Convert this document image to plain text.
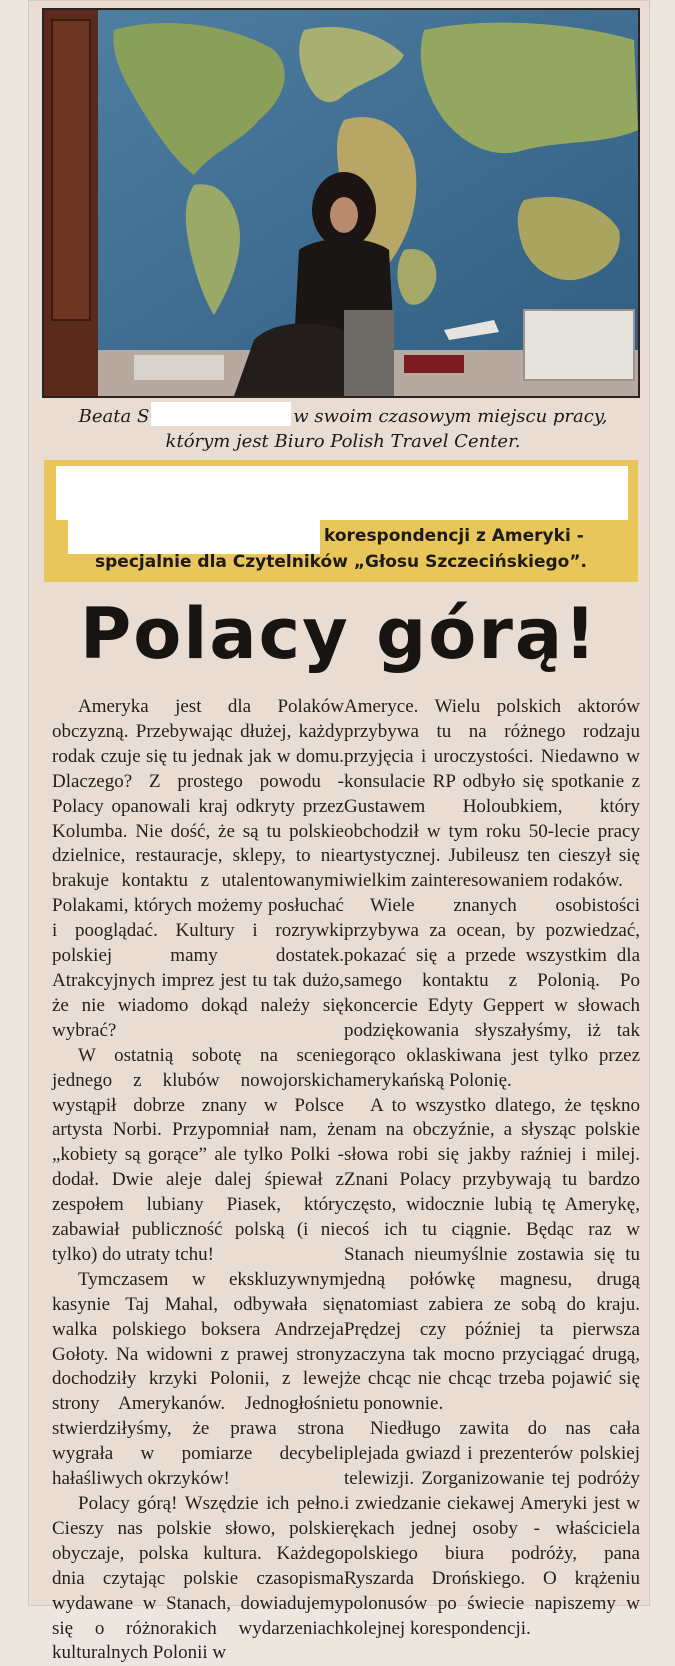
Beata S	w swoim czasowym miejscu pracy,
którym jest Biuro Polish Travel Center.
korespondencji z Ameryki -
specjalnie dla Czytelników „Głosu Szczecińskiego”.
Polacy górą!

Ameryka jest dla Polaków obczyzną. Przebywając dłużej, każdy rodak czuje się tu jednak jak w domu. Dlaczego? Z prostego powodu - Polacy opanowali kraj odkryty przez Kolumba. Nie dość, że są tu polskie dzielnice, restauracje, sklepy, to nie brakuje kontaktu z utalentowanymi Polakami, których możemy posłuchać i pooglądać. Kultury i rozrywki polskiej mamy dostatek. Atrakcyjnych imprez jest tu tak dużo, że nie wiadomo dokąd należy się wybrać?

W ostatnią sobotę na scenie jednego z klubów nowojorskich wystąpił dobrze znany w Polsce artysta Norbi. Przypomniał nam, że „kobiety są gorące” ale tylko Polki - dodał. Dwie aleje dalej śpiewał z zespołem lubiany Piasek, który zabawiał publiczność polską (i nie tylko) do utraty tchu!

Tymczasem w ekskluzywnym kasynie Taj Mahal, odbywała się walka polskiego boksera Andrzeja Gołoty. Na widowni z prawej strony dochodziły krzyki Polonii, z lewej strony Amerykanów. Jednogłośnie stwierdziłyśmy, że prawa strona wygrała w pomiarze decybeli hałaśliwych okrzyków!

Polacy górą! Wszędzie ich pełno. Cieszy nas polskie słowo, polskie obyczaje, polska kultura. Każdego dnia czytając polskie czasopisma wydawane w Stanach, dowiadujemy się o różnorakich wydarzeniach kulturalnych Polonii w

Ameryce. Wielu polskich aktorów przybywa tu na różnego rodzaju przyjęcia i uroczystości. Niedawno w konsulacie RP odbyło się spotkanie z Gustawem Holoubkiem, który obchodził w tym roku 50-lecie pracy artystycznej. Jubileusz ten cieszył się wielkim zainteresowaniem rodaków.

Wiele znanych osobistości przybywa za ocean, by pozwiedzać, pokazać się a przede wszystkim dla samego kontaktu z Polonią. Po koncercie Edyty Geppert w słowach podziękowania słyszałyśmy, iż tak gorąco oklaskiwana jest tylko przez amerykańską Polonię.

A to wszystko dlatego, że tęskno nam na obczyźnie, a słysząc polskie słowa robi się jakby raźniej i milej. Znani Polacy przybywają tu bardzo często, widocznie lubią tę Amerykę, coś ich tu ciągnie. Będąc raz w Stanach nieumyślnie zostawia się tu jedną połówkę magnesu, drugą natomiast zabiera ze sobą do kraju. Prędzej czy później ta pierwsza zaczyna tak mocno przyciągać drugą, że chcąc nie chcąc trzeba pojawić się tu ponownie.

Niedługo zawita do nas cała plejada gwiazd i prezenterów polskiej telewizji. Zorganizowanie tej podróży i zwiedzanie ciekawej Ameryki jest w rękach jednej osoby - właściciela polskiego biura podróży, pana Ryszarda Drońskiego. O krążeniu polonusów po świecie napiszemy w kolejnej korespondencji.
